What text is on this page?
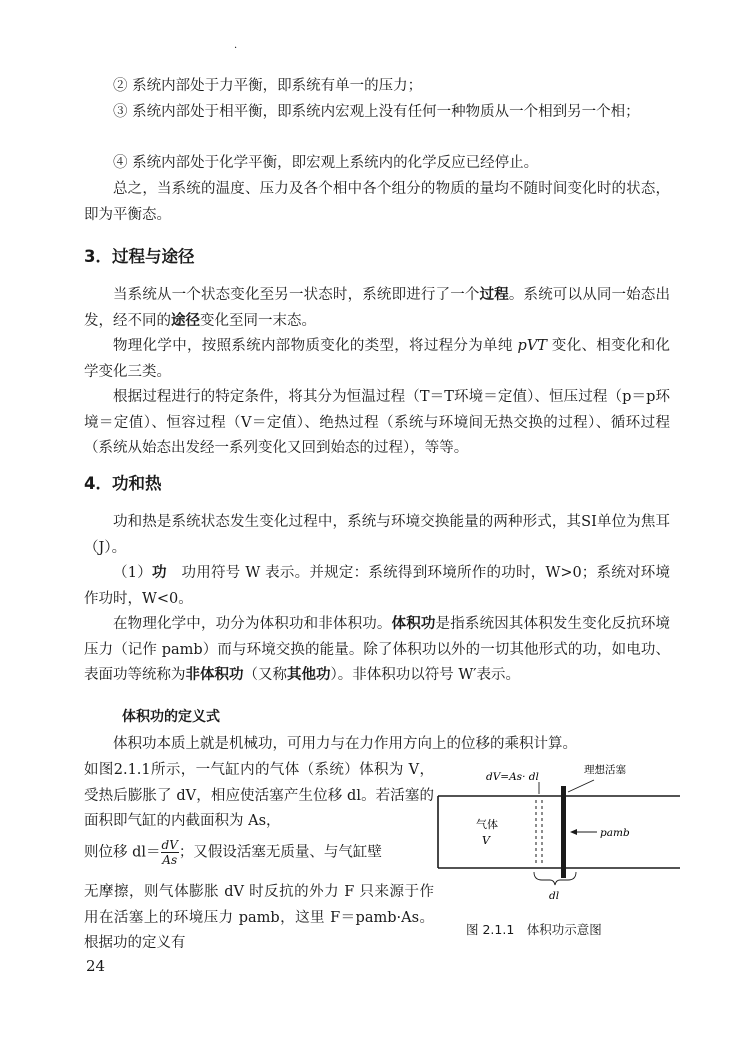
·

② 系统内部处于力平衡，即系统有单一的压力；

③ 系统内部处于相平衡，即系统内宏观上没有任何一种物质从一个相到另一个相；

④ 系统内部处于化学平衡，即宏观上系统内的化学反应已经停止。

总之，当系统的温度、压力及各个相中各个组分的物质的量均不随时间变化时的状态，即为平衡态。

3．过程与途径

当系统从一个状态变化至另一状态时，系统即进行了一个过程。系统可以从同一始态出发，经不同的途径变化至同一末态。

物理化学中，按照系统内部物质变化的类型，将过程分为单纯 pVT 变化、相变化和化学变化三类。

根据过程进行的特定条件，将其分为恒温过程（T＝T环境＝定值）、恒压过程（p＝p环境＝定值）、恒容过程（V＝定值）、绝热过程（系统与环境间无热交换的过程）、循环过程（系统从始态出发经一系列变化又回到始态的过程），等等。

4．功和热

功和热是系统状态发生变化过程中，系统与环境交换能量的两种形式，其SI单位为焦耳（J）。

（1）功　功用符号 W 表示。并规定：系统得到环境所作的功时，W>0；系统对环境作功时，W<0。

在物理化学中，功分为体积功和非体积功。体积功是指系统因其体积发生变化反抗环境压力（记作 pamb）而与环境交换的能量。除了体积功以外的一切其他形式的功，如电功、表面功等统称为非体积功（又称其他功）。非体积功以符号 W′表示。

体积功的定义式

体积功本质上就是机械功，可用力与在力作用方向上的位移的乘积计算。

如图2.1.1所示，一气缸内的气体（系统）体积为 V，受热后膨胀了 dV，相应使活塞产生位移 dl。若活塞的面积即气缸的内截面积为 As，

则位移 $dl= \frac{dV}{As}$ ；又假设活塞无质量、与气缸壁

无摩擦，则气体膨胀 dV 时反抗的外力 F 只来源于作用在活塞上的环境压力 pamb，这里 F＝pamb·As。根据功的定义有

dV=As· dl
理想活塞
气体
V
pamb
dl
图 2.1.1　体积功示意图
24
